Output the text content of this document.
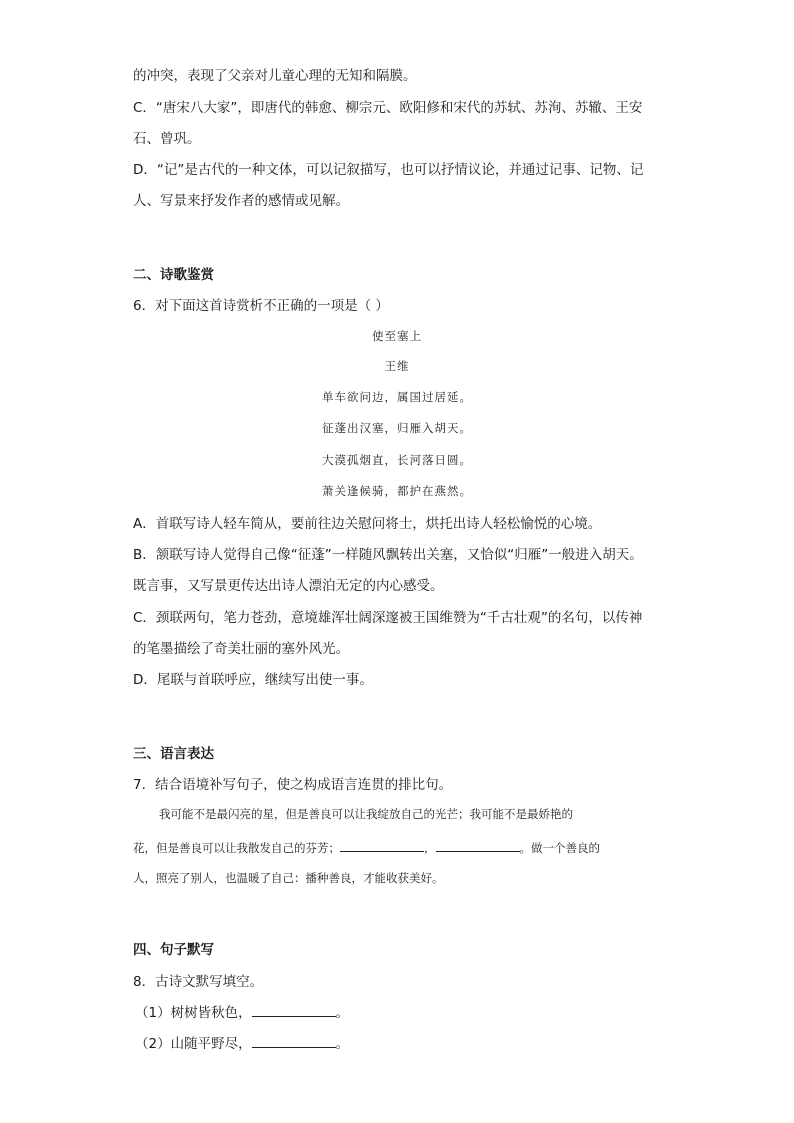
的冲突，表现了父亲对儿童心理的无知和隔膜。
C．“唐宋八大家”，即唐代的韩愈、柳宗元、欧阳修和宋代的苏轼、苏洵、苏辙、王安
石、曾巩。
D．“记”是古代的一种文体，可以记叙描写，也可以抒情议论，并通过记事、记物、记
人、写景来抒发作者的感情或见解。
二、诗歌鉴赏
6．对下面这首诗赏析不正确的一项是（ ）
使至塞上
王维
单车欲问边，属国过居延。
征蓬出汉塞，归雁入胡天。
大漠孤烟直，长河落日圆。
萧关逢候骑，都护在燕然。
A．首联写诗人轻车简从，要前往边关慰问将士，烘托出诗人轻松愉悦的心境。
B．颔联写诗人觉得自己像“征蓬”一样随风飘转出关塞，又恰似“归雁”一般进入胡天。
既言事，又写景更传达出诗人漂泊无定的内心感受。
C．颈联两句，笔力苍劲，意境雄浑壮阔深邃被王国维赞为“千古壮观”的名句，以传神
的笔墨描绘了奇美壮丽的塞外风光。
D．尾联与首联呼应，继续写出使一事。
三、语言表达
7．结合语境补写句子，使之构成语言连贯的排比句。
我可能不是最闪亮的星，但是善良可以让我绽放自己的光芒；我可能不是最娇艳的
花，但是善良可以让我散发自己的芬芳；	，	。做一个善良的
人，照亮了别人，也温暖了自己：播种善良，才能收获美好。
四、句子默写
8．古诗文默写填空。
（1）树树皆秋色，	。
（2）山随平野尽，	。
